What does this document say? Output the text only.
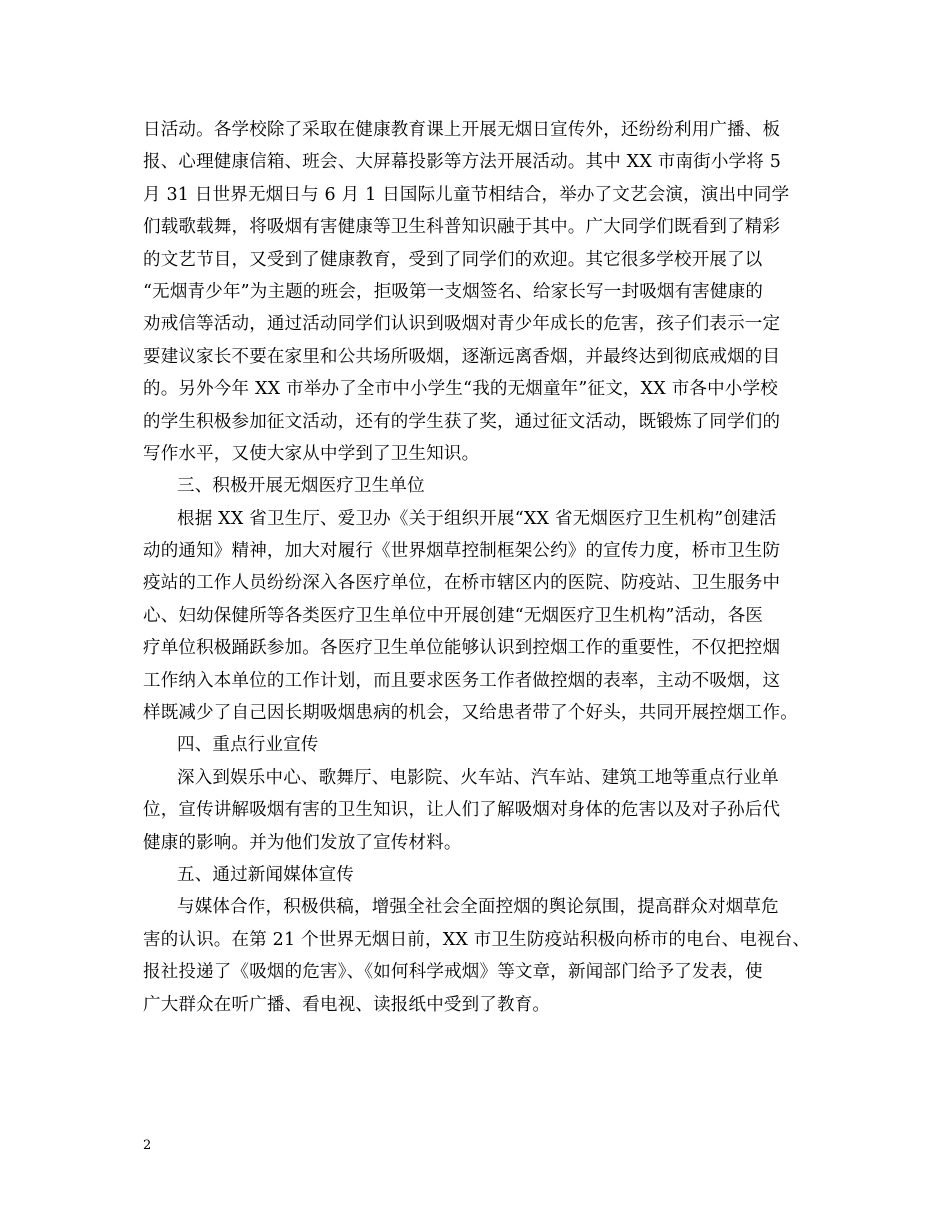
日活动。各学校除了采取在健康教育课上开展无烟日宣传外，还纷纷利用广播、板
报、心理健康信箱、班会、大屏幕投影等方法开展活动。其中 XX 市南街小学将 5
月 31 日世界无烟日与 6 月 1 日国际儿童节相结合，举办了文艺会演，演出中同学
们载歌载舞，将吸烟有害健康等卫生科普知识融于其中。广大同学们既看到了精彩
的文艺节目，又受到了健康教育，受到了同学们的欢迎。其它很多学校开展了以
“无烟青少年”为主题的班会，拒吸第一支烟签名、给家长写一封吸烟有害健康的
劝戒信等活动，通过活动同学们认识到吸烟对青少年成长的危害，孩子们表示一定
要建议家长不要在家里和公共场所吸烟，逐渐远离香烟，并最终达到彻底戒烟的目
的。另外今年 XX 市举办了全市中小学生“我的无烟童年”征文，XX 市各中小学校
的学生积极参加征文活动，还有的学生获了奖，通过征文活动，既锻炼了同学们的
写作水平，又使大家从中学到了卫生知识。
三、积极开展无烟医疗卫生单位
根据 XX 省卫生厅、爱卫办《关于组织开展“XX 省无烟医疗卫生机构”创建活
动的通知》精神，加大对履行《世界烟草控制框架公约》的宣传力度，桥市卫生防
疫站的工作人员纷纷深入各医疗单位，在桥市辖区内的医院、防疫站、卫生服务中
心、妇幼保健所等各类医疗卫生单位中开展创建“无烟医疗卫生机构”活动，各医
疗单位积极踊跃参加。各医疗卫生单位能够认识到控烟工作的重要性，不仅把控烟
工作纳入本单位的工作计划，而且要求医务工作者做控烟的表率，主动不吸烟，这
样既减少了自己因长期吸烟患病的机会，又给患者带了个好头，共同开展控烟工作。
四、重点行业宣传
深入到娱乐中心、歌舞厅、电影院、火车站、汽车站、建筑工地等重点行业单
位，宣传讲解吸烟有害的卫生知识，让人们了解吸烟对身体的危害以及对子孙后代
健康的影响。并为他们发放了宣传材料。
五、通过新闻媒体宣传
与媒体合作，积极供稿，增强全社会全面控烟的舆论氛围，提高群众对烟草危
害的认识。在第 21 个世界无烟日前，XX 市卫生防疫站积极向桥市的电台、电视台、
报社投递了《吸烟的危害》、《如何科学戒烟》等文章，新闻部门给予了发表，使
广大群众在听广播、看电视、读报纸中受到了教育。
2
